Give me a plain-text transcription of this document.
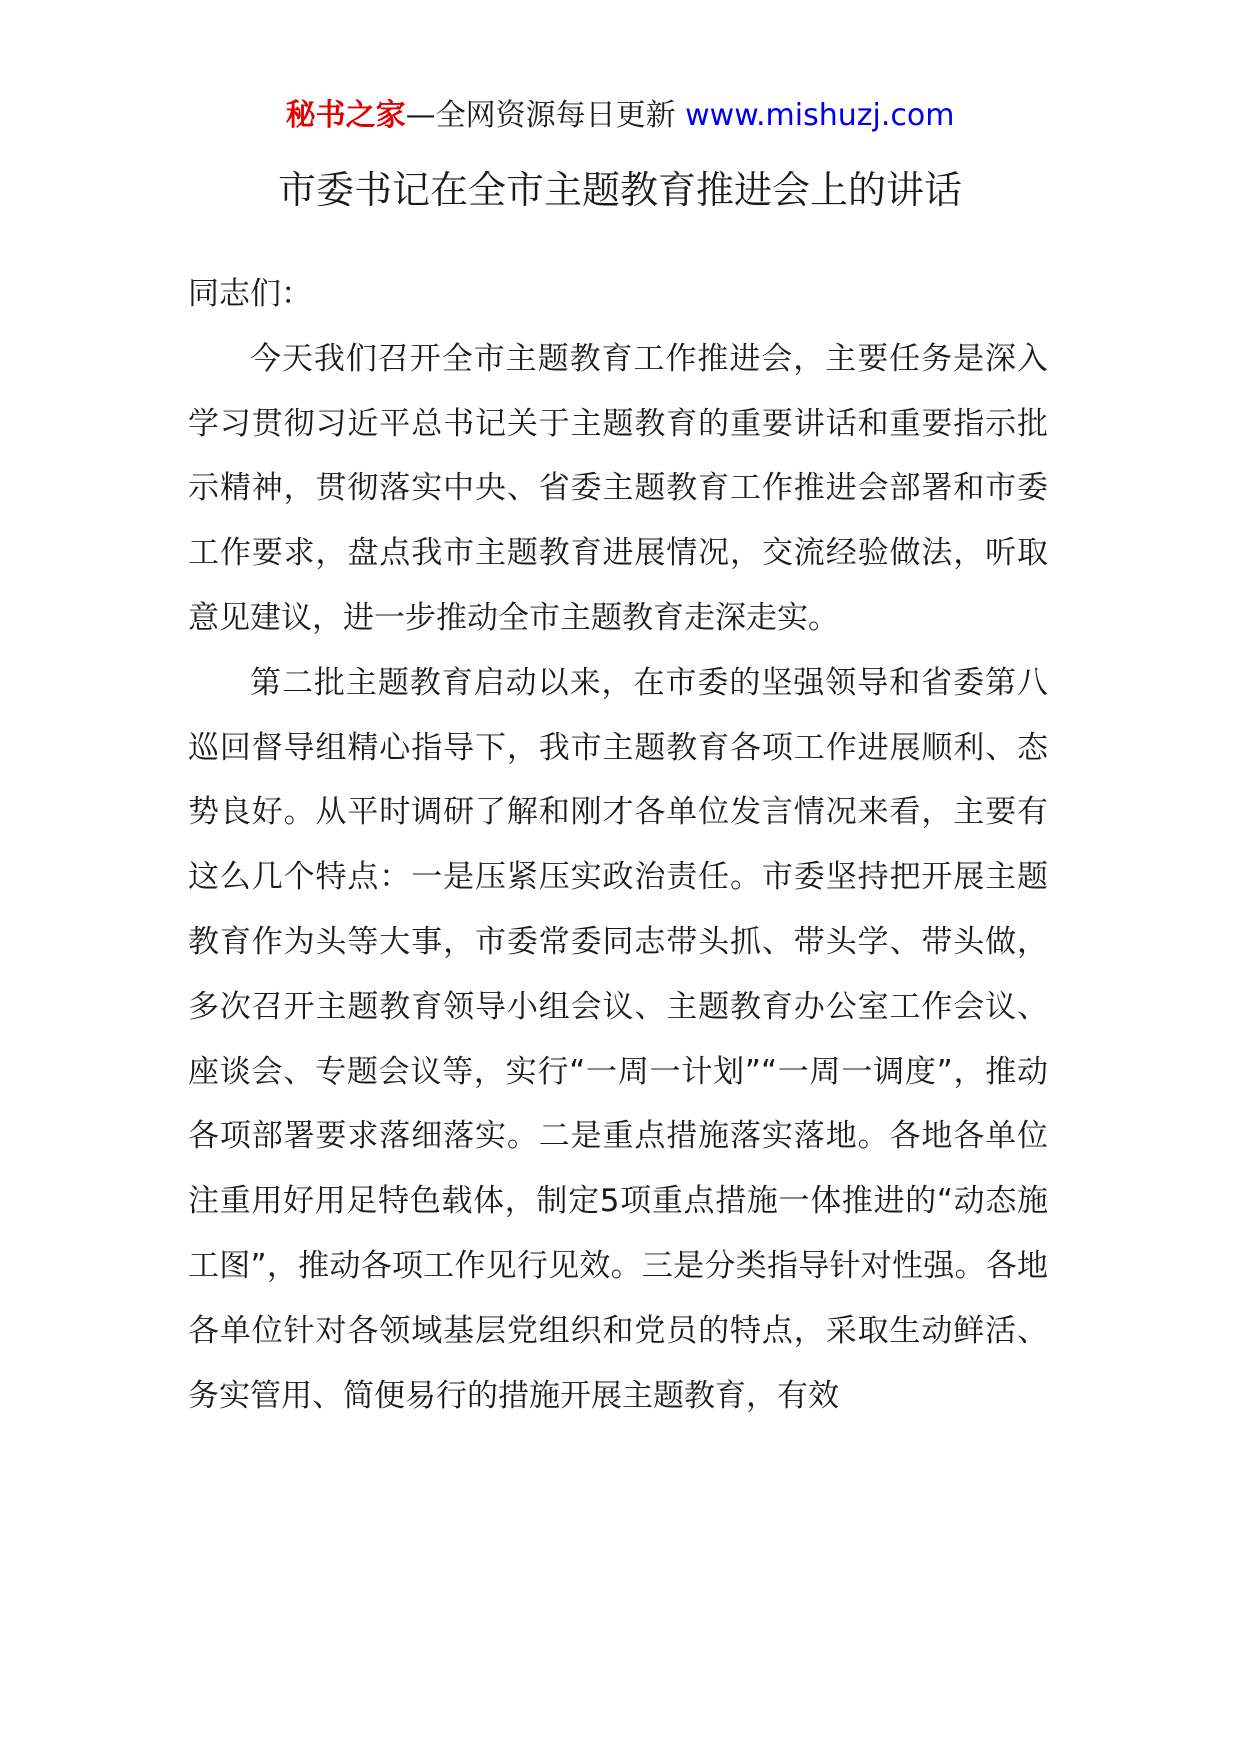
秘书之家—全网资源每日更新 www.mishuzj.com
市委书记在全市主题教育推进会上的讲话

同志们：

今天我们召开全市主题教育工作推进会，主要任务是深入学习贯彻习近平总书记关于主题教育的重要讲话和重要指示批示精神，贯彻落实中央、省委主题教育工作推进会部署和市委工作要求，盘点我市主题教育进展情况，交流经验做法，听取意见建议，进一步推动全市主题教育走深走实。

第二批主题教育启动以来，在市委的坚强领导和省委第八巡回督导组精心指导下，我市主题教育各项工作进展顺利、态势良好。从平时调研了解和刚才各单位发言情况来看，主要有这么几个特点：一是压紧压实政治责任。市委坚持把开展主题教育作为头等大事，市委常委同志带头抓、带头学、带头做，多次召开主题教育领导小组会议、主题教育办公室工作会议、座谈会、专题会议等，实行“一周一计划”“一周一调度”，推动各项部署要求落细落实。二是重点措施落实落地。各地各单位注重用好用足特色载体，制定5项重点措施一体推进的“动态施工图”，推动各项工作见行见效。三是分类指导针对性强。各地各单位针对各领域基层党组织和党员的特点，采取生动鲜活、务实管用、简便易行的措施开展主题教育，有效
